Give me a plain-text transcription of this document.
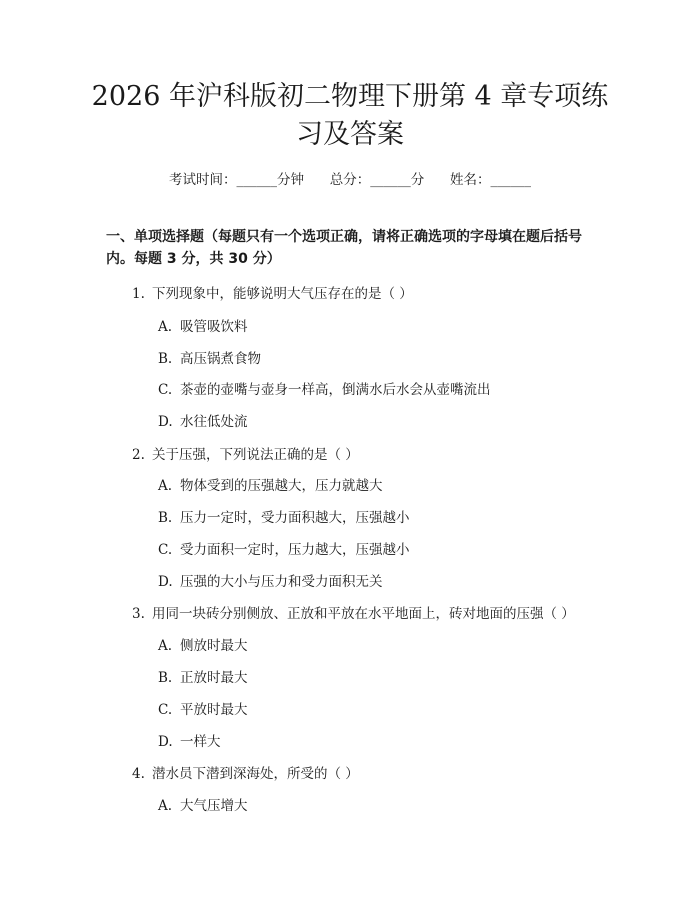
2026 年沪科版初二物理下册第 4 章专项练习及答案
考试时间：______分钟      总分：______分      姓名：______
一、单项选择题（每题只有一个选项正确，请将正确选项的字母填在题后括号内。每题 3 分，共 30 分）
1. 下列现象中，能够说明大气压存在的是（ ）
A. 吸管吸饮料
B. 高压锅煮食物
C. 茶壶的壶嘴与壶身一样高，倒满水后水会从壶嘴流出
D. 水往低处流
2. 关于压强，下列说法正确的是（ ）
A. 物体受到的压强越大，压力就越大
B. 压力一定时，受力面积越大，压强越小
C. 受力面积一定时，压力越大，压强越小
D. 压强的大小与压力和受力面积无关
3. 用同一块砖分别侧放、正放和平放在水平地面上，砖对地面的压强（ ）
A. 侧放时最大
B. 正放时最大
C. 平放时最大
D. 一样大
4. 潜水员下潜到深海处，所受的（ ）
A. 大气压增大
